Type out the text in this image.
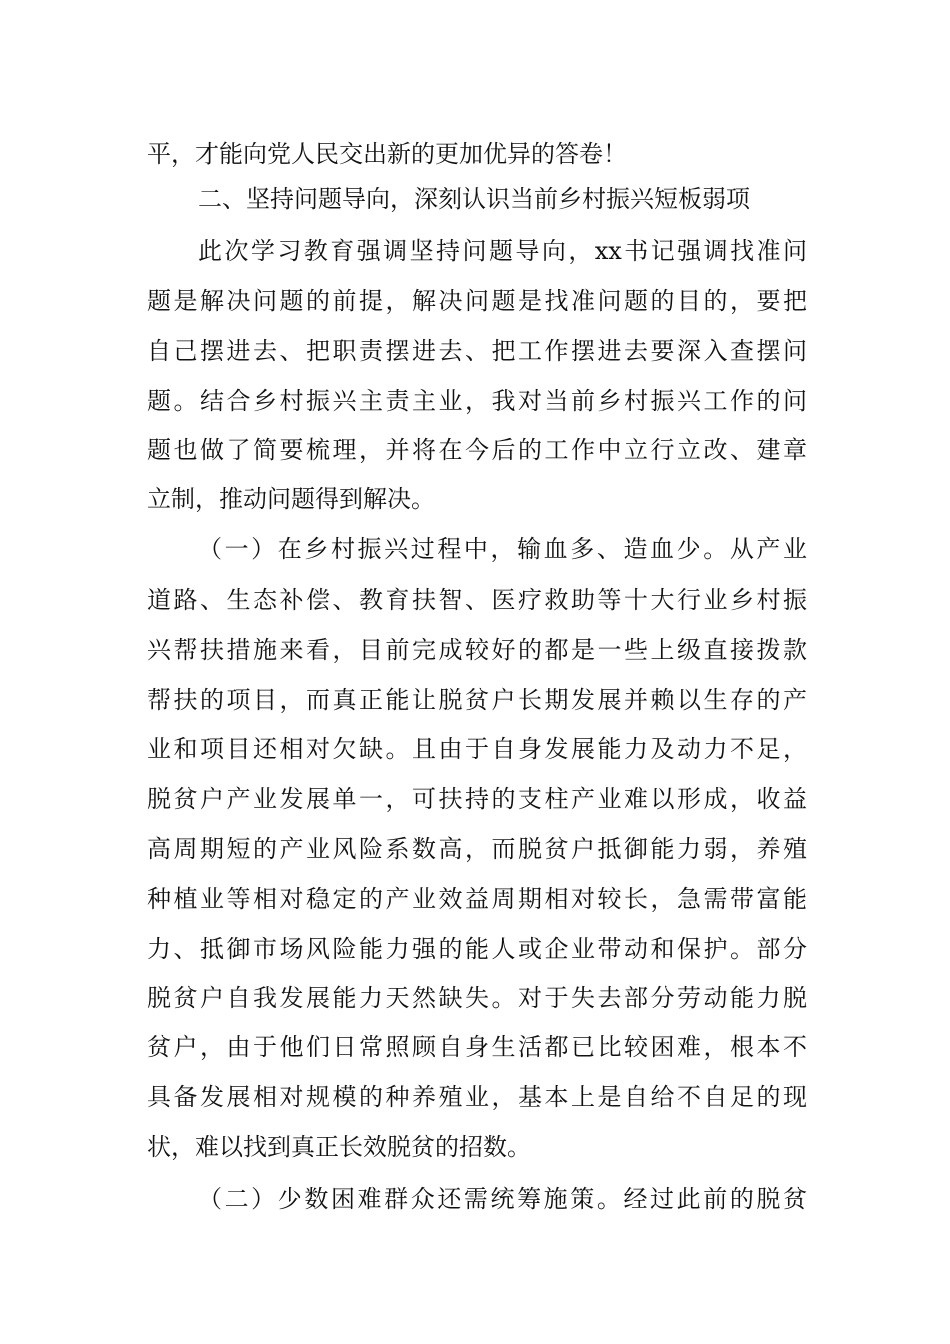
平，才能向党人民交出新的更加优异的答卷！
二、坚持问题导向，深刻认识当前乡村振兴短板弱项
此次学习教育强调坚持问题导向，xx书记强调找准问
题是解决问题的前提，解决问题是找准问题的目的，要把
自己摆进去、把职责摆进去、把工作摆进去要深入查摆问
题。结合乡村振兴主责主业，我对当前乡村振兴工作的问
题也做了简要梳理，并将在今后的工作中立行立改、建章
立制，推动问题得到解决。
（一）在乡村振兴过程中，输血多、造血少。从产业
道路、生态补偿、教育扶智、医疗救助等十大行业乡村振
兴帮扶措施来看，目前完成较好的都是一些上级直接拨款
帮扶的项目，而真正能让脱贫户长期发展并赖以生存的产
业和项目还相对欠缺。且由于自身发展能力及动力不足，
脱贫户产业发展单一，可扶持的支柱产业难以形成，收益
高周期短的产业风险系数高，而脱贫户抵御能力弱，养殖
种植业等相对稳定的产业效益周期相对较长，急需带富能
力、抵御市场风险能力强的能人或企业带动和保护。部分
脱贫户自我发展能力天然缺失。对于失去部分劳动能力脱
贫户，由于他们日常照顾自身生活都已比较困难，根本不
具备发展相对规模的种养殖业，基本上是自给不自足的现
状，难以找到真正长效脱贫的招数。
（二）少数困难群众还需统筹施策。经过此前的脱贫
